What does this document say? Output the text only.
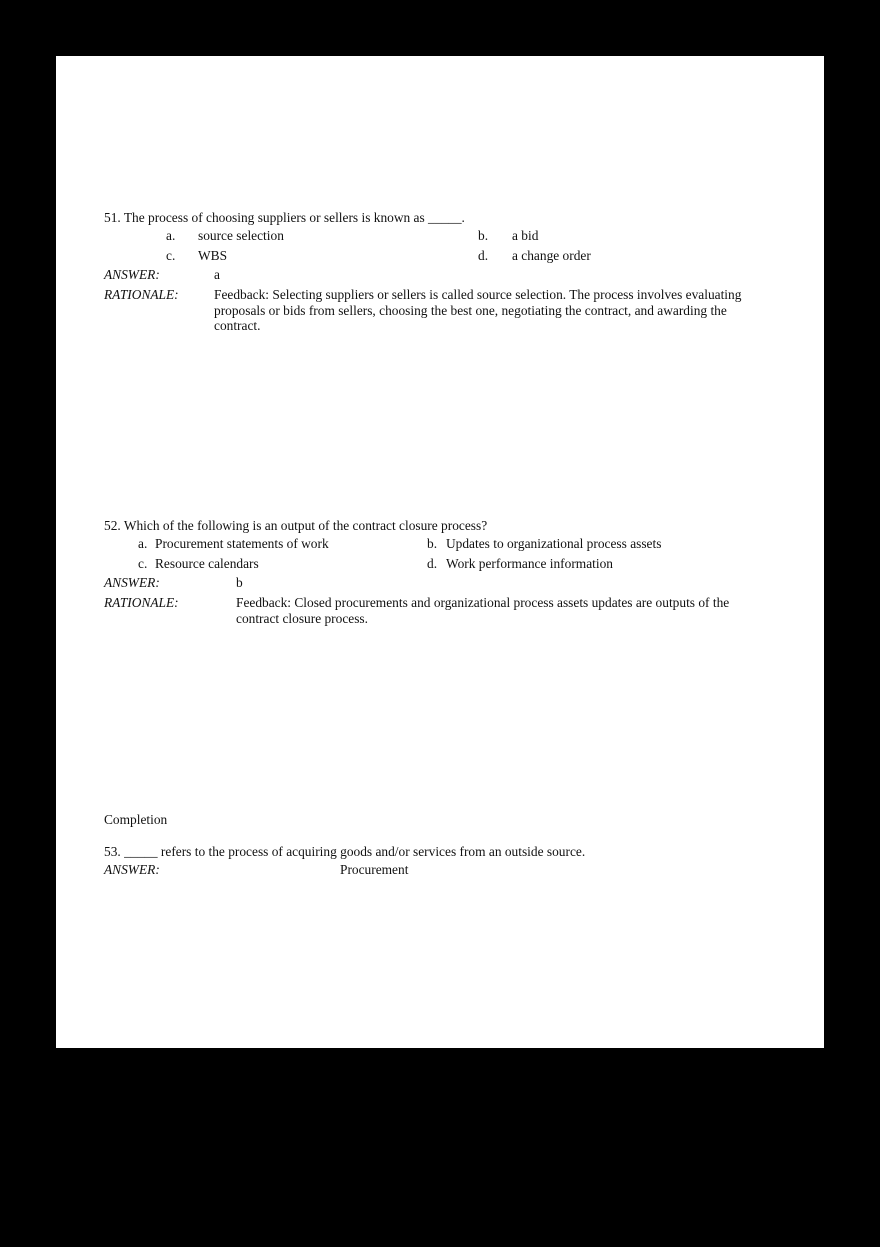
51. The process of choosing suppliers or sellers is known as _____.
a. source selection	b. a bid
c. WBS	d. a change order
ANSWER:	a
RATIONALE:	Feedback: Selecting suppliers or sellers is called source selection. The process involves evaluating
proposals or bids from sellers, choosing the best one, negotiating the contract, and awarding the
contract.
52. Which of the following is an output of the contract closure process?
a. Procurement statements of work	b. Updates to organizational process assets
c. Resource calendars	d. Work performance information
ANSWER:	b
RATIONALE:	Feedback: Closed procurements and organizational process assets updates are outputs of the
contract closure process.
Completion
53. _____ refers to the process of acquiring goods and/or services from an outside source.
ANSWER:	Procurement
